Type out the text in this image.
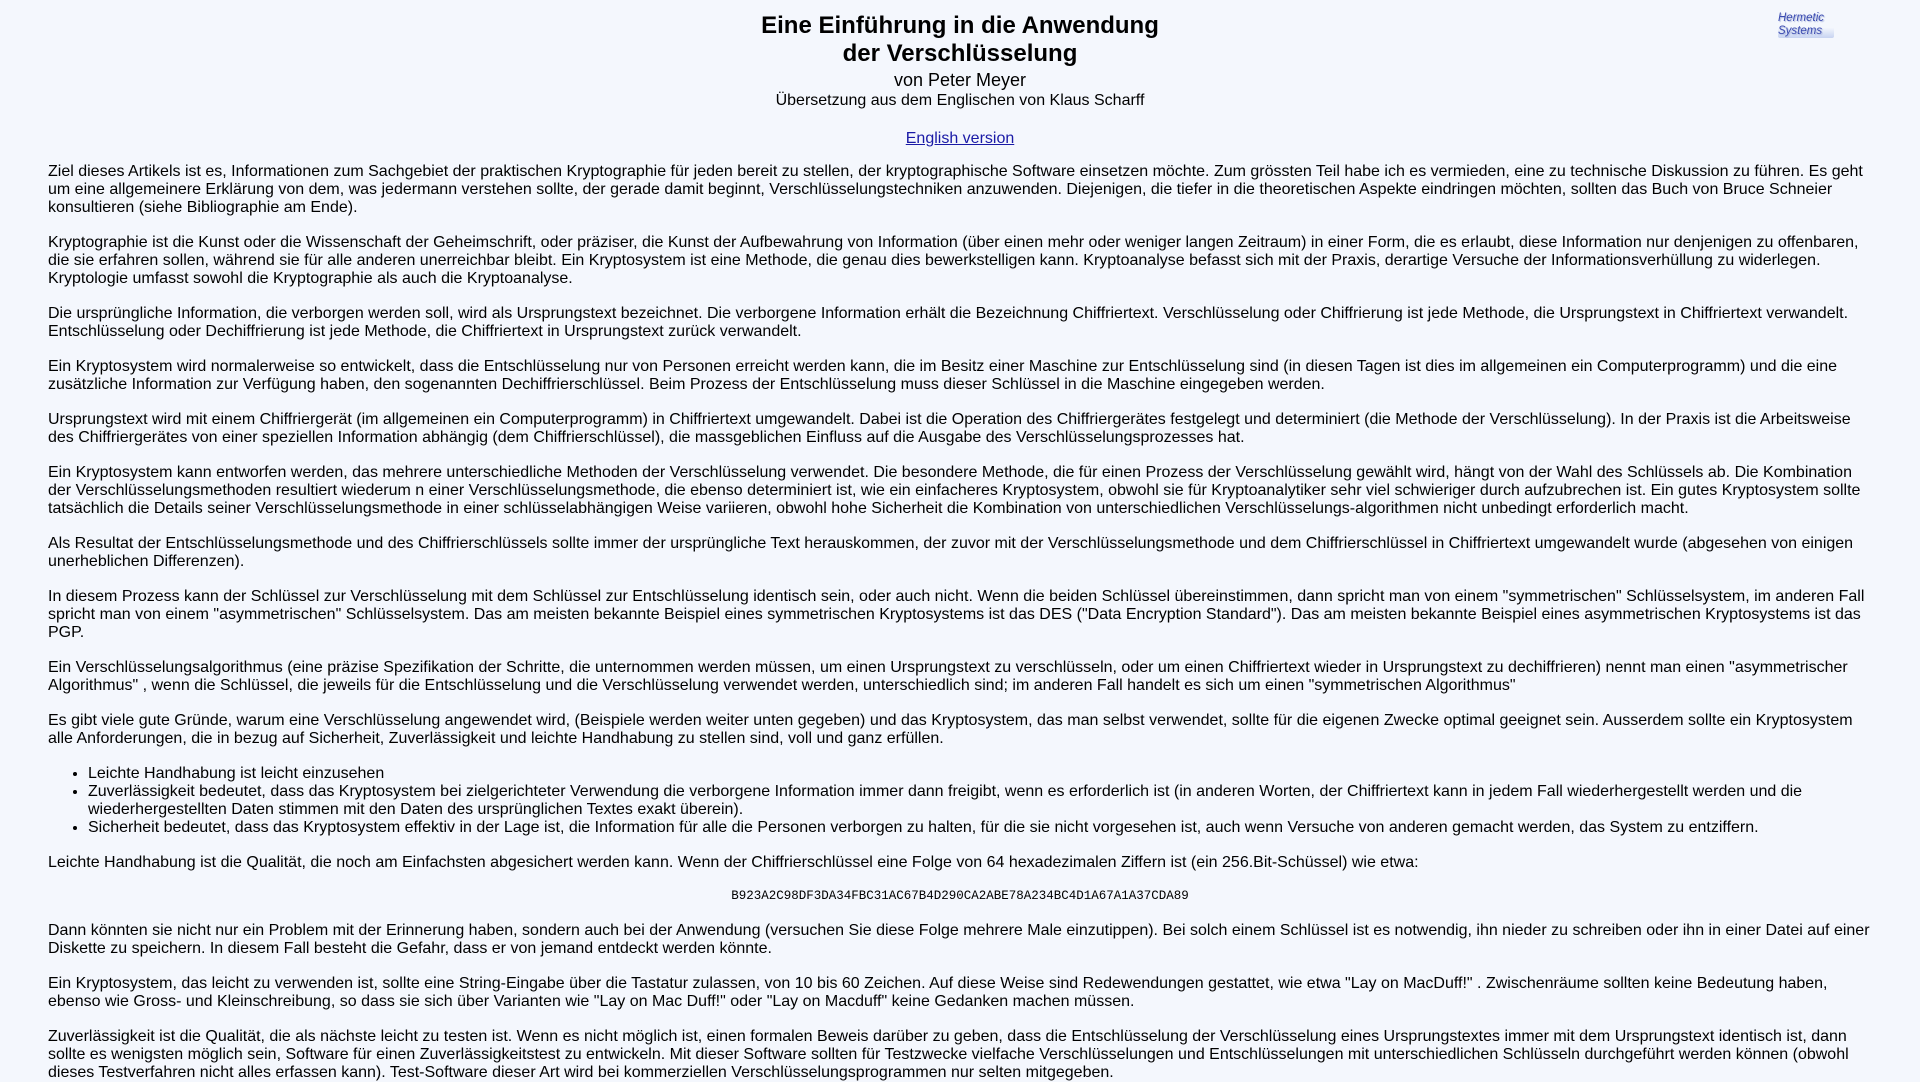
Hermetic
Systems
Eine Einführung in die Anwendung
der Verschlüsselung
von Peter Meyer
Übersetzung aus dem Englischen von Klaus Scharff
English version

Ziel dieses Artikels ist es, Informationen zum Sachgebiet der praktischen Kryptographie für jeden bereit zu stellen, der kryptographische Software einsetzen möchte. Zum grössten Teil habe ich es vermieden, eine zu technische Diskussion zu führen. Es geht um eine allgemeinere Erklärung von dem, was jedermann verstehen sollte, der gerade damit beginnt, Verschlüsselungstechniken anzuwenden. Diejenigen, die tiefer in die theoretischen Aspekte eindringen möchten, sollten das Buch von Bruce Schneier konsultieren (siehe Bibliographie am Ende).

Kryptographie ist die Kunst oder die Wissenschaft der Geheimschrift, oder präziser, die Kunst der Aufbewahrung von Information (über einen mehr oder weniger langen Zeitraum) in einer Form, die es erlaubt, diese Information nur denjenigen zu offenbaren, die sie erfahren sollen, während sie für alle anderen unerreichbar bleibt. Ein Kryptosystem ist eine Methode, die genau dies bewerkstelligen kann. Kryptoanalyse befasst sich mit der Praxis, derartige Versuche der Informationsverhüllung zu widerlegen. Kryptologie umfasst sowohl die Kryptographie als auch die Kryptoanalyse.

Die ursprüngliche Information, die verborgen werden soll, wird als Ursprungstext bezeichnet. Die verborgene Information erhält die Bezeichnung Chiffriertext. Verschlüsselung oder Chiffrierung ist jede Methode, die Ursprungstext in Chiffriertext verwandelt. Entschlüsselung oder Dechiffrierung ist jede Methode, die Chiffriertext in Ursprungstext zurück verwandelt.

Ein Kryptosystem wird normalerweise so entwickelt, dass die Entschlüsselung nur von Personen erreicht werden kann, die im Besitz einer Maschine zur Entschlüsselung sind (in diesen Tagen ist dies im allgemeinen ein Computerprogramm) und die eine zusätzliche Information zur Verfügung haben, den sogenannten Dechiffrierschlüssel. Beim Prozess der Entschlüsselung muss dieser Schlüssel in die Maschine eingegeben werden.

Ursprungstext wird mit einem Chiffriergerät (im allgemeinen ein Computerprogramm) in Chiffriertext umgewandelt. Dabei ist die Operation des Chiffriergerätes festgelegt und determiniert (die Methode der Verschlüsselung). In der Praxis ist die Arbeitsweise des Chiffriergerätes von einer speziellen Information abhängig (dem Chiffrierschlüssel), die massgeblichen Einfluss auf die Ausgabe des Verschlüsselungsprozesses hat.

Ein Kryptosystem kann entworfen werden, das mehrere unterschiedliche Methoden der Verschlüsselung verwendet. Die besondere Methode, die für einen Prozess der Verschlüsselung gewählt wird, hängt von der Wahl des Schlüssels ab. Die Kombination der Verschlüsselungsmethoden resultiert wiederum n einer Verschlüsselungsmethode, die ebenso determiniert ist, wie ein einfacheres Kryptosystem, obwohl sie für Kryptoanalytiker sehr viel schwieriger durch aufzubrechen ist. Ein gutes Kryptosystem sollte tatsächlich die Details seiner Verschlüsselungsmethode in einer schlüsselabhängigen Weise variieren, obwohl hohe Sicherheit die Kombination von unterschiedlichen Verschlüsselungs-algorithmen nicht unbedingt erforderlich macht.

Als Resultat der Entschlüsselungsmethode und des Chiffrierschlüssels sollte immer der ursprüngliche Text herauskommen, der zuvor mit der Verschlüsselungsmethode und dem Chiffrierschlüssel in Chiffriertext umgewandelt wurde (abgesehen von einigen unerheblichen Differenzen).

In diesem Prozess kann der Schlüssel zur Verschlüsselung mit dem Schlüssel zur Entschlüsselung identisch sein, oder auch nicht. Wenn die beiden Schlüssel übereinstimmen, dann spricht man von einem "symmetrischen" Schlüsselsystem, im anderen Fall spricht man von einem "asymmetrischen" Schlüsselsystem. Das am meisten bekannte Beispiel eines symmetrischen Kryptosystems ist das DES ("Data Encryption Standard"). Das am meisten bekannte Beispiel eines asymmetrischen Kryptosystems ist das PGP.

Ein Verschlüsselungsalgorithmus (eine präzise Spezifikation der Schritte, die unternommen werden müssen, um einen Ursprungstext zu verschlüsseln, oder um einen Chiffriertext wieder in Ursprungstext zu dechiffrieren) nennt man einen "asymmetrischer Algorithmus" , wenn die Schlüssel, die jeweils für die Entschlüsselung und die Verschlüsselung verwendet werden, unterschiedlich sind; im anderen Fall handelt es sich um einen "symmetrischen Algorithmus"

Es gibt viele gute Gründe, warum eine Verschlüsselung angewendet wird, (Beispiele werden weiter unten gegeben) und das Kryptosystem, das man selbst verwendet, sollte für die eigenen Zwecke optimal geeignet sein. Ausserdem sollte ein Kryptosystem alle Anforderungen, die in bezug auf Sicherheit, Zuverlässigkeit und leichte Handhabung zu stellen sind, voll und ganz erfüllen.

• Leichte Handhabung ist leicht einzusehen
• Zuverlässigkeit bedeutet, dass das Kryptosystem bei zielgerichteter Verwendung die verborgene Information immer dann freigibt, wenn es erforderlich ist (in anderen Worten, der Chiffriertext kann in jedem Fall wiederhergestellt werden und die wiederhergestellten Daten stimmen mit den Daten des ursprünglichen Textes exakt überein).
• Sicherheit bedeutet, dass das Kryptosystem effektiv in der Lage ist, die Information für alle die Personen verborgen zu halten, für die sie nicht vorgesehen ist, auch wenn Versuche von anderen gemacht werden, das System zu entziffern.

Leichte Handhabung ist die Qualität, die noch am Einfachsten abgesichert werden kann. Wenn der Chiffrierschlüssel eine Folge von 64 hexadezimalen Ziffern ist (ein 256.Bit-Schüssel) wie etwa:

B923A2C98DF3DA34FBC31AC67B4D290CA2ABE78A234BC4D1A67A1A37CDA89

Dann könnten sie nicht nur ein Problem mit der Erinnerung haben, sondern auch bei der Anwendung (versuchen Sie diese Folge mehrere Male einzutippen). Bei solch einem Schlüssel ist es notwendig, ihn nieder zu schreiben oder ihn in einer Datei auf einer Diskette zu speichern. In diesem Fall besteht die Gefahr, dass er von jemand entdeckt werden könnte.

Ein Kryptosystem, das leicht zu verwenden ist, sollte eine String-Eingabe über die Tastatur zulassen, von 10 bis 60 Zeichen. Auf diese Weise sind Redewendungen gestattet, wie etwa "Lay on MacDuff!" . Zwischenräume sollten keine Bedeutung haben, ebenso wie Gross- und Kleinschreibung, so dass sie sich über Varianten wie "Lay on Mac Duff!" oder "Lay on Macduff" keine Gedanken machen müssen.

Zuverlässigkeit ist die Qualität, die als nächste leicht zu testen ist. Wenn es nicht möglich ist, einen formalen Beweis darüber zu geben, dass die Entschlüsselung der Verschlüsselung eines Ursprungstextes immer mit dem Ursprungstext identisch ist, dann sollte es wenigsten möglich sein, Software für einen Zuverlässigkeitstest zu entwickeln. Mit dieser Software sollten für Testzwecke vielfache Verschlüsselungen und Entschlüsselungen mit unterschiedlichen Schlüsseln durchgeführt werden können (obwohl dieses Testverfahren nicht alles erfassen kann). Test-Software dieser Art wird bei kommerziellen Verschlüsselungsprogrammen nur selten mitgegeben.
